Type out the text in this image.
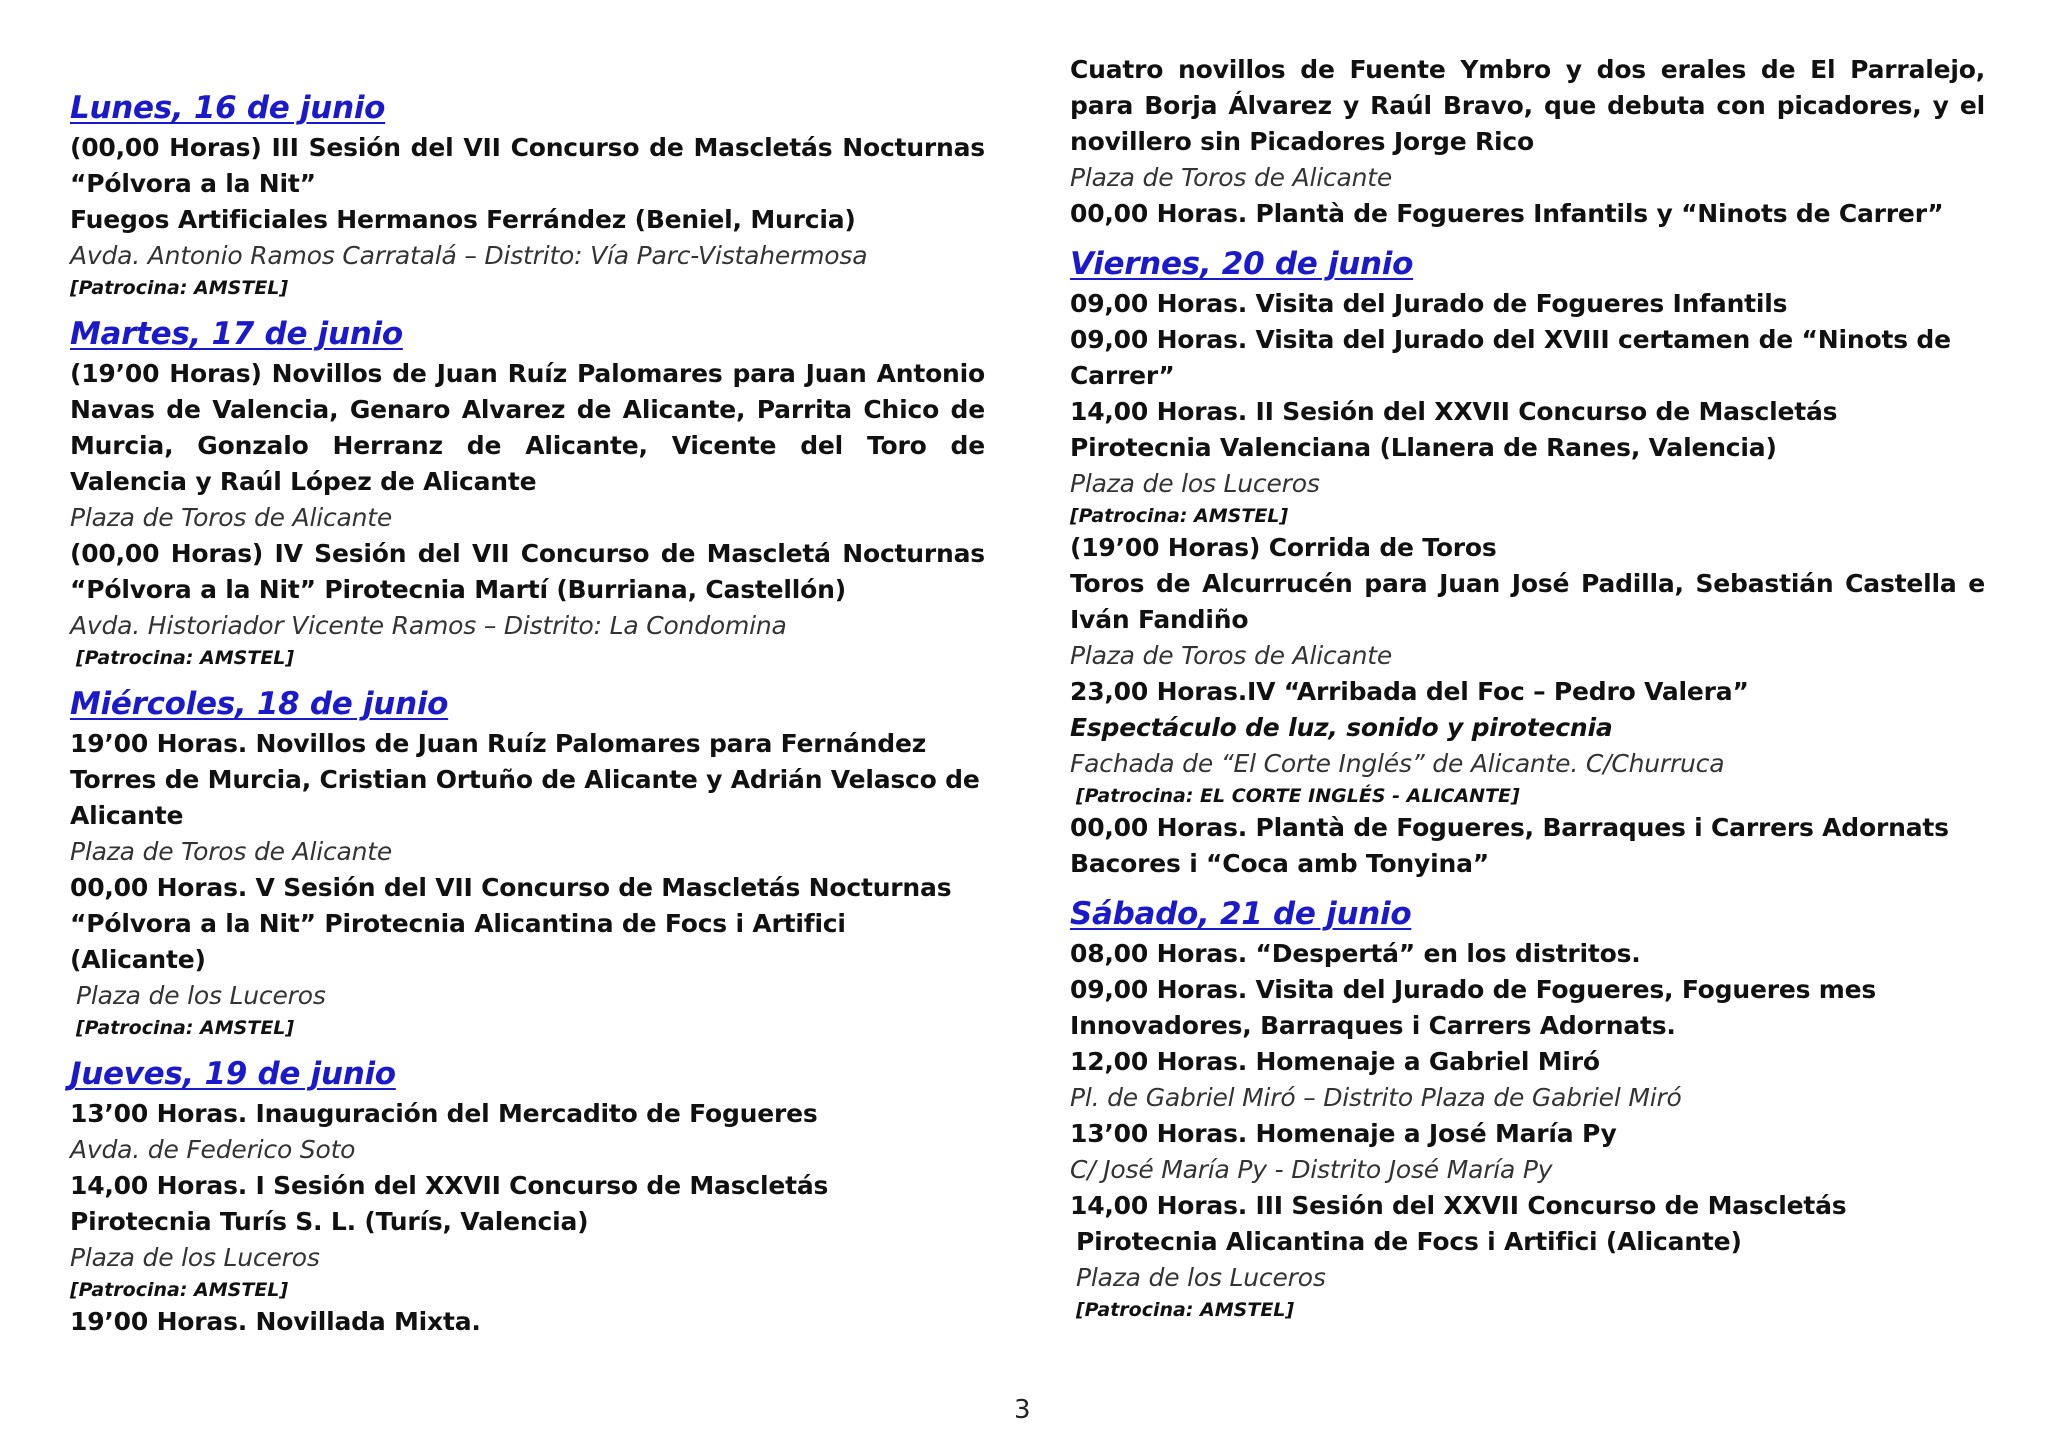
Lunes, 16 de junio
(00,00 Horas) III Sesión del VII Concurso de Mascletás Nocturnas “Pólvora a la Nit”
Fuegos Artificiales Hermanos Ferrández (Beniel, Murcia)
Avda. Antonio Ramos Carratalá – Distrito: Vía Parc-Vistahermosa
[Patrocina: AMSTEL]
Martes, 17 de junio
(19’00 Horas) Novillos de Juan Ruíz Palomares para Juan Antonio Navas de Valencia, Genaro Alvarez de Alicante, Parrita Chico de Murcia, Gonzalo Herranz de Alicante, Vicente del Toro de Valencia y Raúl López de Alicante
Plaza de Toros de Alicante
(00,00 Horas) IV Sesión del VII Concurso de Mascletá Nocturnas “Pólvora a la Nit” Pirotecnia Martí (Burriana, Castellón)
Avda. Historiador Vicente Ramos – Distrito: La Condomina
[Patrocina: AMSTEL]
Miércoles, 18 de junio
19’00 Horas. Novillos de Juan Ruíz Palomares para Fernández Torres de Murcia, Cristian Ortuño de Alicante y Adrián Velasco de Alicante
Plaza de Toros de Alicante
00,00 Horas. V Sesión del VII Concurso de Mascletás Nocturnas “Pólvora a la Nit” Pirotecnia Alicantina de Focs i Artifici (Alicante)
Plaza de los Luceros
[Patrocina: AMSTEL]
Jueves, 19 de junio
13’00 Horas. Inauguración del Mercadito de Fogueres
Avda. de Federico Soto
14,00 Horas. I Sesión del XXVII Concurso de Mascletás
Pirotecnia Turís S. L. (Turís, Valencia)
Plaza de los Luceros
[Patrocina: AMSTEL]
19’00 Horas. Novillada Mixta.
Cuatro novillos de Fuente Ymbro y dos erales de El Parralejo, para Borja Álvarez y Raúl Bravo, que debuta con picadores, y el novillero sin Picadores Jorge Rico
Plaza de Toros de Alicante
00,00 Horas. Plantà de Fogueres Infantils y “Ninots de Carrer”
Viernes, 20 de junio
09,00 Horas. Visita del Jurado de Fogueres Infantils
09,00 Horas. Visita del Jurado del XVIII certamen de “Ninots de Carrer”
14,00 Horas. II Sesión del XXVII Concurso de Mascletás
Pirotecnia Valenciana (Llanera de Ranes, Valencia)
Plaza de los Luceros
[Patrocina: AMSTEL]
(19’00 Horas) Corrida de Toros
Toros de Alcurrucén para Juan José Padilla, Sebastián Castella e Iván Fandiño
Plaza de Toros de Alicante
23,00 Horas.IV “Arribada del Foc – Pedro Valera”
Espectáculo de luz, sonido y pirotecnia
Fachada de “El Corte Inglés” de Alicante. C/Churruca
[Patrocina: EL CORTE INGLÉS - ALICANTE]
00,00 Horas. Plantà de Fogueres, Barraques i Carrers Adornats Bacores i “Coca amb Tonyina”
Sábado, 21 de junio
08,00 Horas. “Despertá” en los distritos.
09,00 Horas. Visita del Jurado de Fogueres, Fogueres mes Innovadores, Barraques i Carrers Adornats.
12,00 Horas. Homenaje a Gabriel Miró
Pl. de Gabriel Miró – Distrito Plaza de Gabriel Miró
13’00 Horas. Homenaje a José María Py
C/ José María Py - Distrito José María Py
14,00 Horas. III Sesión del XXVII Concurso de Mascletás
Pirotecnia Alicantina de Focs i Artifici (Alicante)
Plaza de los Luceros
[Patrocina: AMSTEL]
3
